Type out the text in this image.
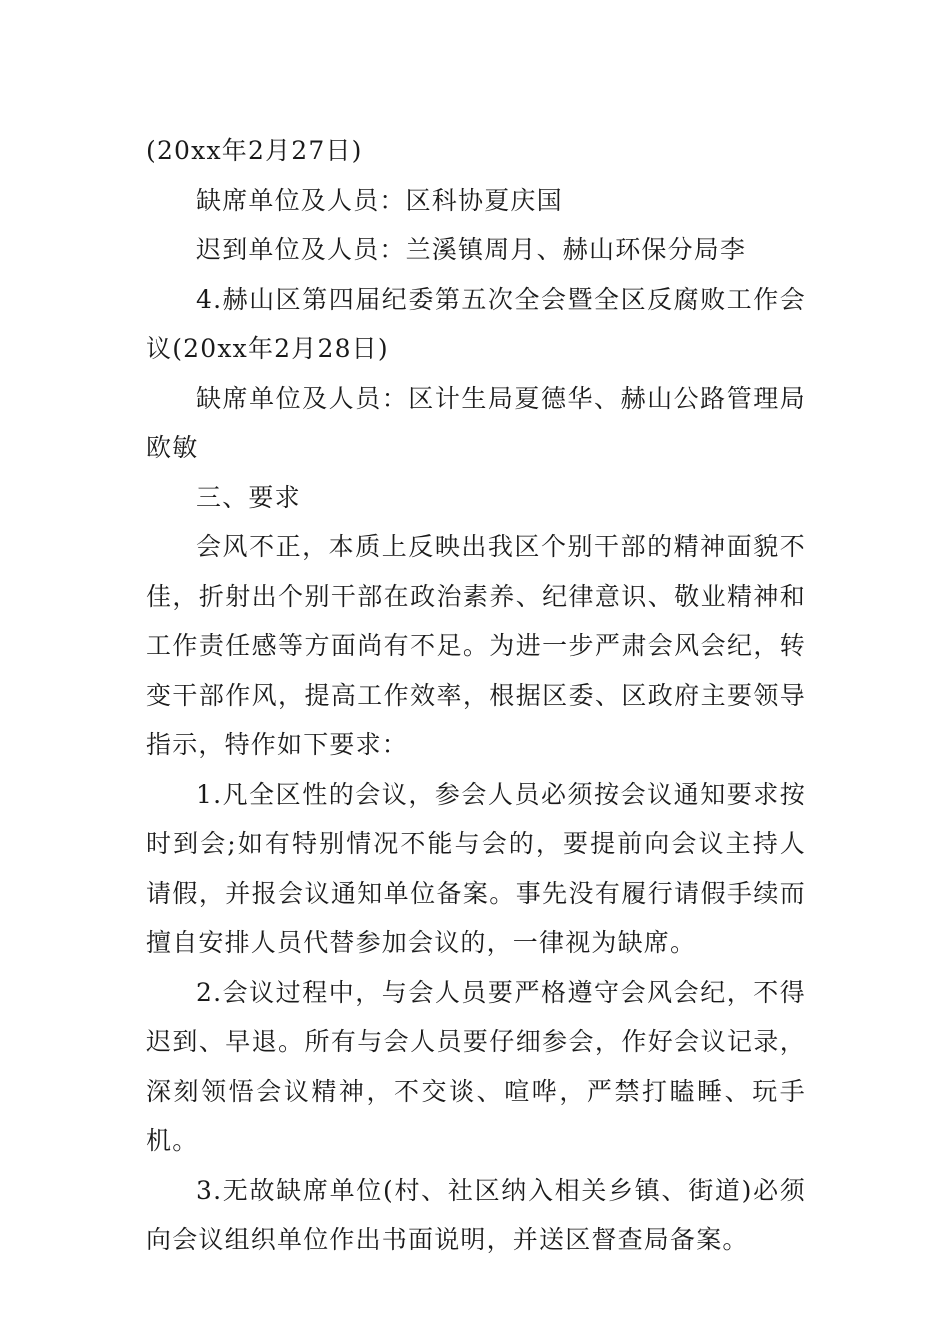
(20xx年2月27日)

缺席单位及人员：区科协夏庆国

迟到单位及人员：兰溪镇周月、赫山环保分局李

4.赫山区第四届纪委第五次全会暨全区反腐败工作会议(20xx年2月28日)

缺席单位及人员：区计生局夏德华、赫山公路管理局欧敏

三、要求

会风不正，本质上反映出我区个别干部的精神面貌不佳，折射出个别干部在政治素养、纪律意识、敬业精神和工作责任感等方面尚有不足。为进一步严肃会风会纪，转变干部作风，提高工作效率，根据区委、区政府主要领导指示，特作如下要求：

1.凡全区性的会议，参会人员必须按会议通知要求按时到会;如有特别情况不能与会的，要提前向会议主持人请假，并报会议通知单位备案。事先没有履行请假手续而擅自安排人员代替参加会议的，一律视为缺席。

2.会议过程中，与会人员要严格遵守会风会纪，不得迟到、早退。所有与会人员要仔细参会，作好会议记录，深刻领悟会议精神，不交谈、喧哗，严禁打瞌睡、玩手机。

3.无故缺席单位(村、社区纳入相关乡镇、街道)必须向会议组织单位作出书面说明，并送区督查局备案。
